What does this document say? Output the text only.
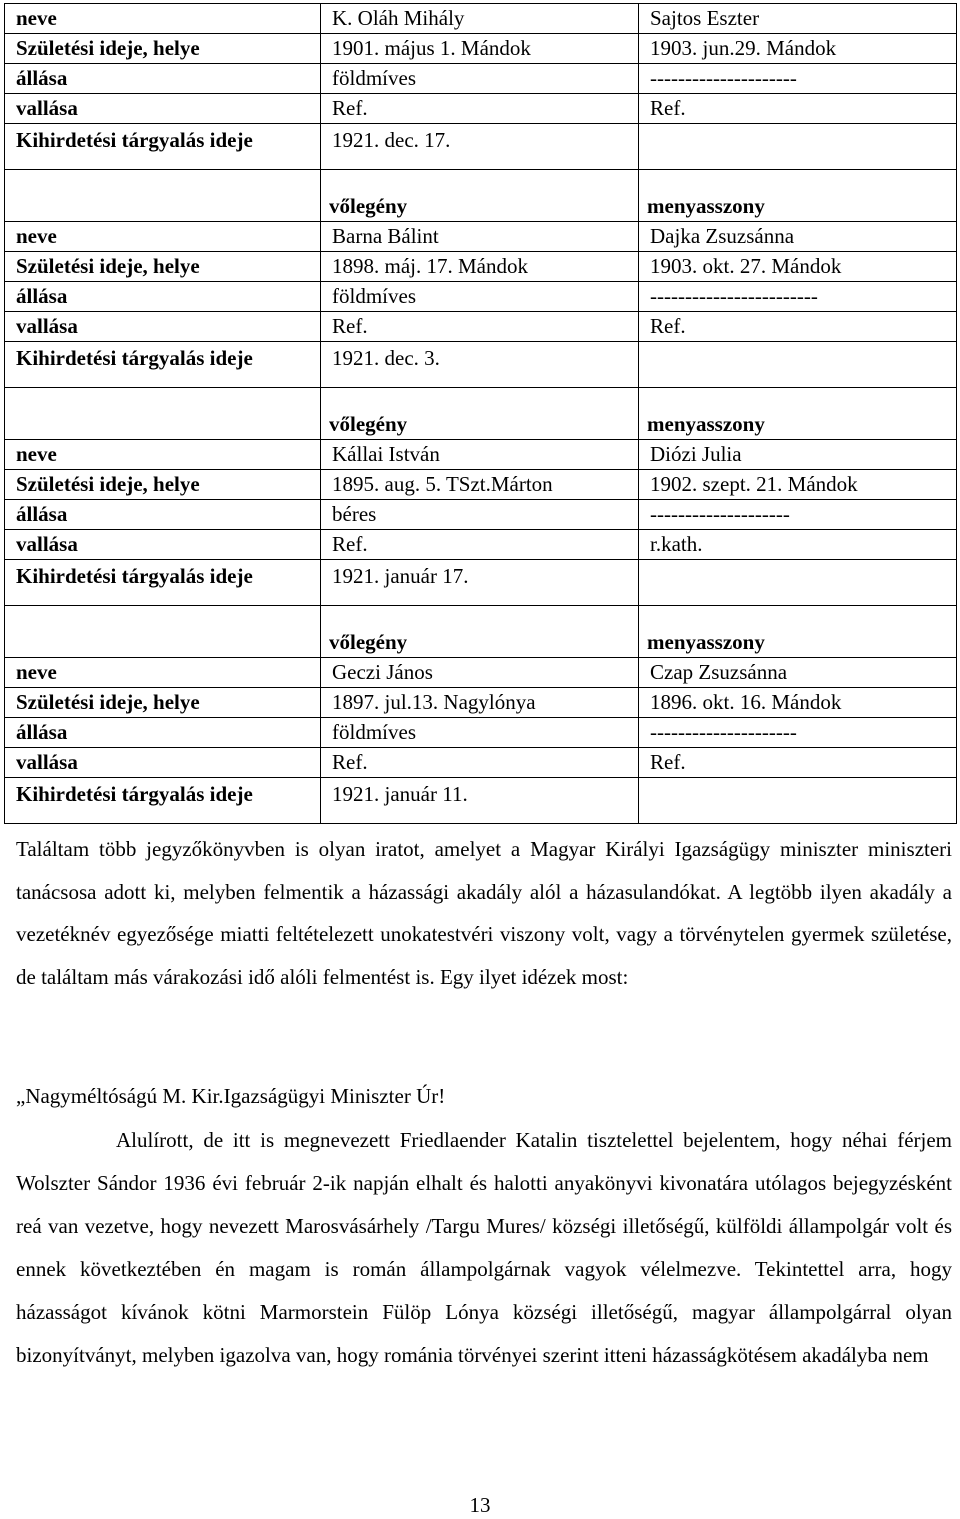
neve	K. Oláh Mihály	Sajtos Eszter
Születési ideje, helye	1901. május 1. Mándok	1903. jun.29. Mándok
állása	földmíves	---------------------
vallása	Ref.	Ref.
Kihirdetési tárgyalás ideje	1921. dec. 17.	
	vőlegény	menyasszony

neve	Barna Bálint	Dajka Zsuzsánna
Születési ideje, helye	1898. máj. 17. Mándok	1903. okt. 27. Mándok
állása	földmíves	------------------------
vallása	Ref.	Ref.
Kihirdetési tárgyalás ideje	1921. dec. 3.	
	vőlegény	menyasszony

neve	Kállai István	Diózi Julia
Születési ideje, helye	1895. aug. 5. TSzt.Márton	1902. szept. 21. Mándok
állása	béres	--------------------
vallása	Ref.	r.kath.
Kihirdetési tárgyalás ideje	1921. január 17.	
	vőlegény	menyasszony

neve	Geczi János	Czap Zsuzsánna
Születési ideje, helye	1897. jul.13. Nagylónya	1896. okt. 16. Mándok
állása	földmíves	---------------------
vallása	Ref.	Ref.
Kihirdetési tárgyalás ideje	1921. január 11.	
Találtam több jegyzőkönyvben is olyan iratot, amelyet a Magyar Királyi Igazságügy miniszter miniszteri tanácsosa adott ki, melyben felmentik a házassági akadály alól a házasulandókat. A legtöbb ilyen akadály a vezetéknév egyezősége miatti feltételezett unokatestvéri viszony volt, vagy a törvénytelen gyermek születése, de találtam más várakozási idő alóli felmentést is. Egy ilyet idézek most:
„Nagyméltóságú M. Kir.Igazságügyi Miniszter Úr!
Alulírott, de itt is megnevezett Friedlaender Katalin tisztelettel bejelentem, hogy néhai férjem Wolszter Sándor 1936 évi február 2-ik napján elhalt és halotti anyakönyvi kivonatára utólagos bejegyzésként reá van vezetve, hogy nevezett Marosvásárhely /Targu Mures/ községi illetőségű, külföldi állampolgár volt és ennek következtében én magam is román állampolgárnak vagyok vélelmezve. Tekintettel arra, hogy házasságot kívánok kötni Marmorstein Fülöp Lónya községi illetőségű, magyar állampolgárral olyan bizonyítványt, melyben igazolva van, hogy románia törvényei szerint itteni házasságkötésem akadályba nem
13
